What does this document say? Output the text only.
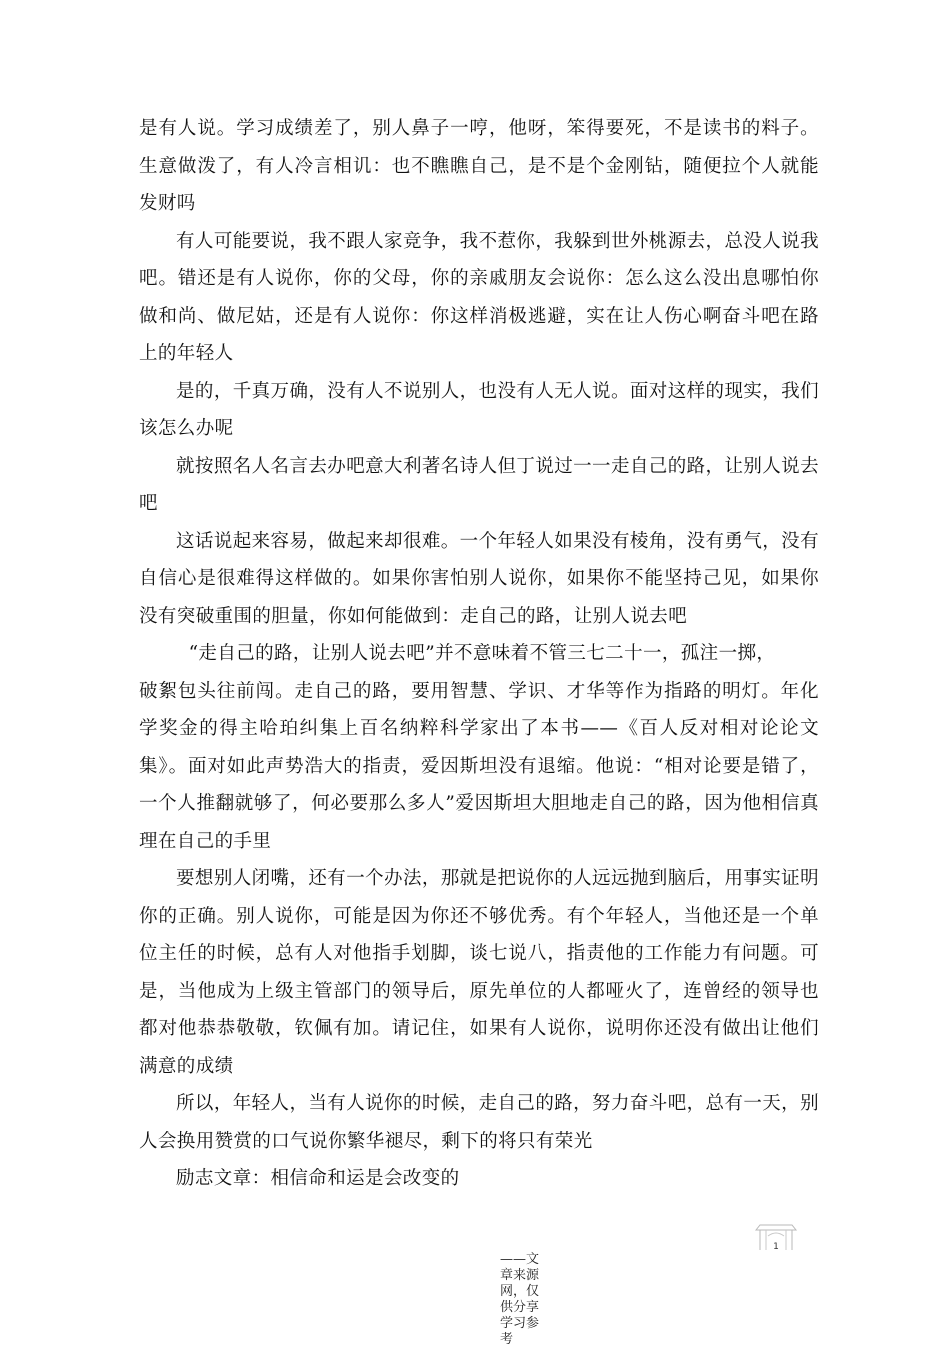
是有人说。学习成绩差了，别人鼻子一哼，他呀，笨得要死，不是读书的料子。生意做泼了，有人冷言相讥：也不瞧瞧自己，是不是个金刚钻，随便拉个人就能发财吗

有人可能要说，我不跟人家竞争，我不惹你，我躲到世外桃源去，总没人说我吧。错还是有人说你，你的父母，你的亲戚朋友会说你：怎么这么没出息哪怕你做和尚、做尼姑，还是有人说你：你这样消极逃避，实在让人伤心啊奋斗吧在路上的年轻人

是的，千真万确，没有人不说别人，也没有人无人说。面对这样的现实，我们该怎么办呢

就按照名人名言去办吧意大利著名诗人但丁说过一一走自己的路，让别人说去吧

这话说起来容易，做起来却很难。一个年轻人如果没有棱角，没有勇气，没有自信心是很难得这样做的。如果你害怕别人说你，如果你不能坚持己见，如果你没有突破重围的胆量，你如何能做到：走自己的路，让别人说去吧

“走自己的路，让别人说去吧”并不意味着不管三七二十一，孤注一掷，
破絮包头往前闯。走自己的路，要用智慧、学识、才华等作为指路的明灯。年化学奖金的得主哈珀纠集上百名纳粹科学家出了本书——《百人反对相对论论文集》。面对如此声势浩大的指责，爱因斯坦没有退缩。他说：“相对论要是错了，一个人推翻就够了，何必要那么多人”爱因斯坦大胆地走自己的路，因为他相信真理在自己的手里

要想别人闭嘴，还有一个办法，那就是把说你的人远远抛到脑后，用事实证明你的正确。别人说你，可能是因为你还不够优秀。有个年轻人，当他还是一个单位主任的时候，总有人对他指手划脚，谈七说八，指责他的工作能力有问题。可是，当他成为上级主管部门的领导后，原先单位的人都哑火了，连曾经的领导也都对他恭恭敬敬，钦佩有加。请记住，如果有人说你，说明你还没有做出让他们满意的成绩

所以，年轻人，当有人说你的时候，走自己的路，努力奋斗吧，总有一天，别人会换用赞赏的口气说你繁华褪尽，剩下的将只有荣光

励志文章：相信命和运是会改变的

1
——文章来源网，仅供分享学习参考
